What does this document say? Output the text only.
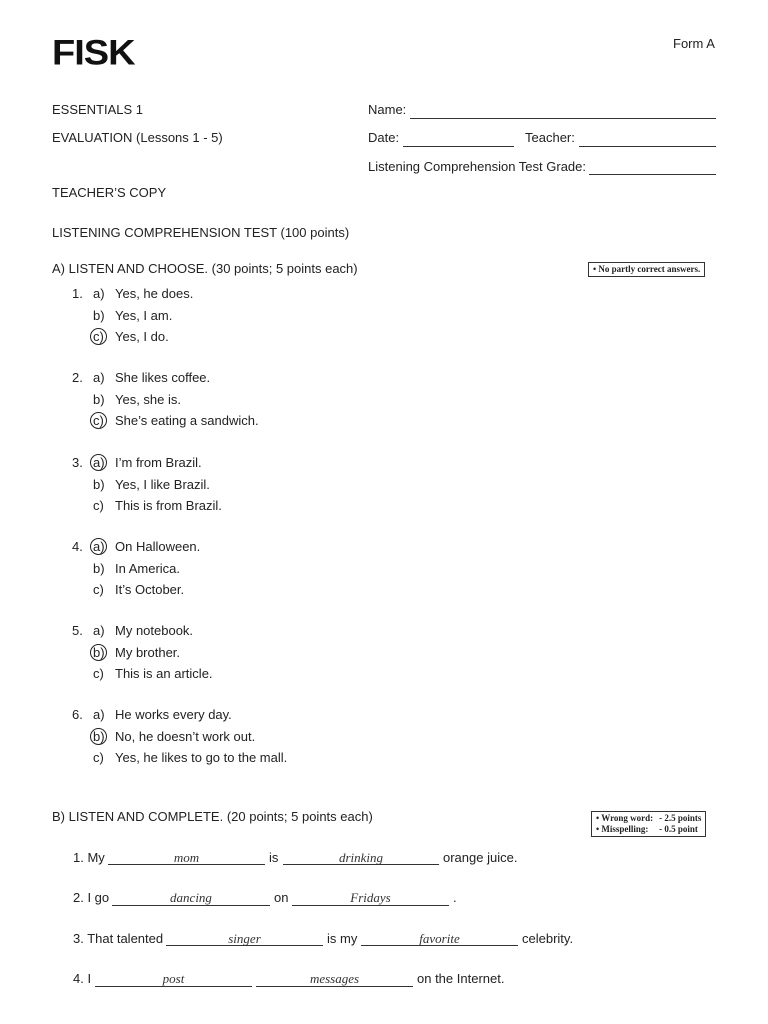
FISK	Form A
ESSENTIALS 1
EVALUATION (Lessons 1 - 5)
TEACHER’S COPY
Name:
Date:	Teacher:
Listening Comprehension Test Grade:
LISTENING COMPREHENSION TEST (100 points)
A) LISTEN AND CHOOSE. (30 points; 5 points each)	• No partly correct answers.
1. a) Yes, he does.
b) Yes, I am.
c) Yes, I do.
2. a) She likes coffee.
b) Yes, she is.
c) She’s eating a sandwich.
3. a) I’m from Brazil.
b) Yes, I like Brazil.
c) This is from Brazil.
4. a) On Halloween.
b) In America.
c) It’s October.
5. a) My notebook.
b) My brother.
c) This is an article.
6. a) He works every day.
b) No, he doesn’t work out.
c) Yes, he likes to go to the mall.
B) LISTEN AND COMPLETE. (20 points; 5 points each)	• Wrong word: - 2.5 points
• Misspelling:	- 0.5 point
1. My	mom	is	drinking	orange juice.
2. I go	dancing	on	Fridays	.
3. That talented	singer	is my	favorite	celebrity.
4. I	post	messages	on the Internet.
